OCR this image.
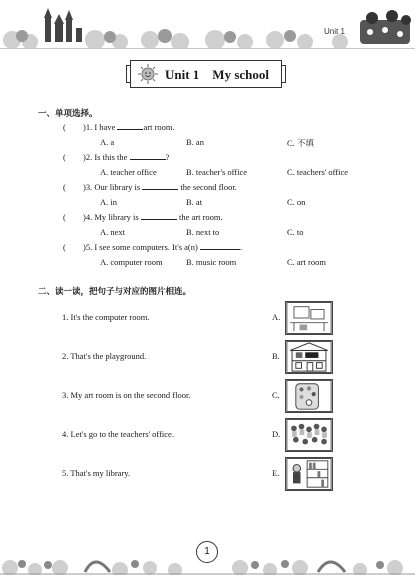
Unit 1
Unit 1    My school
一、单项选择。
( )1. I have	art room.
A. a	B. an	C. 不填
( )2. Is this the	?
A. teacher office	B. teacher's office	C. teachers' office
( )3. Our library is	the second floor.
A. in	B. at	C. on
( )4. My library is	the art room.
A. next	B. next to	C. to
( )5. I see some computers. It's a(n)	.
A. computer room	B. music room	C. art room
二、读一读，把句子与对应的图片相连。
1. It's the computer room.
2. That's the playground.
3. My art room is on the second floor.
4. Let's go to the teachers' office.
5. That's my library.
A.
B.
C.
D.
E.
1
